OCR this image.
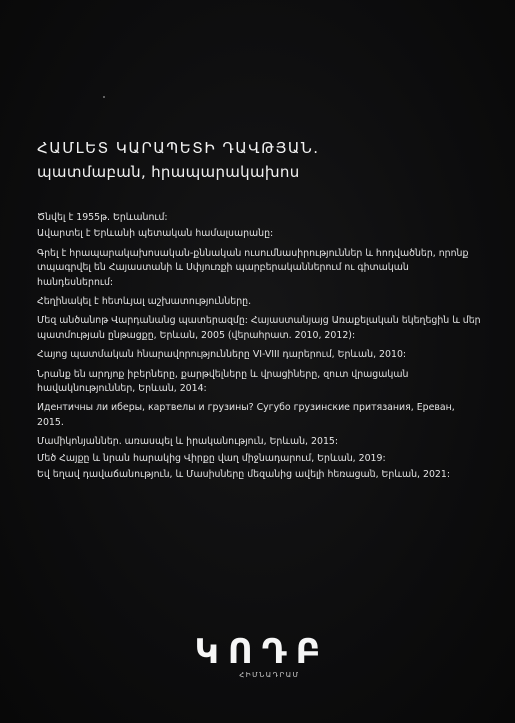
ՀԱՄԼԵՏ ԿԱՐԱՊԵՏԻ ԴԱՎԹՅԱՆ.
պատմաբան, հրապարակախոս

Ծնվել է 1955թ. Երևանում:

Ավարտել է Երևանի պետական համալսարանը:

Գրել է հրապարակախոսական-քննական ուսումնասիրություններ և հոդվածներ, որոնք տպագրվել են Հայաստանի և Սփյուռքի պարբերականներում ու գիտական հանդեսներում:

Հեղինակել է հետևյալ աշխատությունները.

Մեզ անծանոթ Վարդանանց պատերազմը: Հայաստանյայց Առաքելական եկեղեցին և մեր պատմության ընթացքը, Երևան, 2005 (վերահրատ. 2010, 2012):

Հայոց պատմական հնարավորությունները VI-VIII դարերում, Երևան, 2010:

Նրանք են արդյոք իբերները, քարթվելները և վրացիները, զուտ վրացական հավակնություններ, Երևան, 2014:

Идентичны ли иберы, картвелы и грузины? Сугубо грузинские притязания, Ереван, 2015.

Մամիկոնյաններ. առասպել և իրականություն, Երևան, 2015:

Մեծ Հայքը և նրան հարակից Վիրքը վաղ միջնադարում, Երևան, 2019:

Եվ եղավ դավաճանություն, և Մասիսները մեզանից ավելի հեռացան, Երևան, 2021:

ԿՈԴԲ
ՀԻՄՆԱԴՐԱՄ
